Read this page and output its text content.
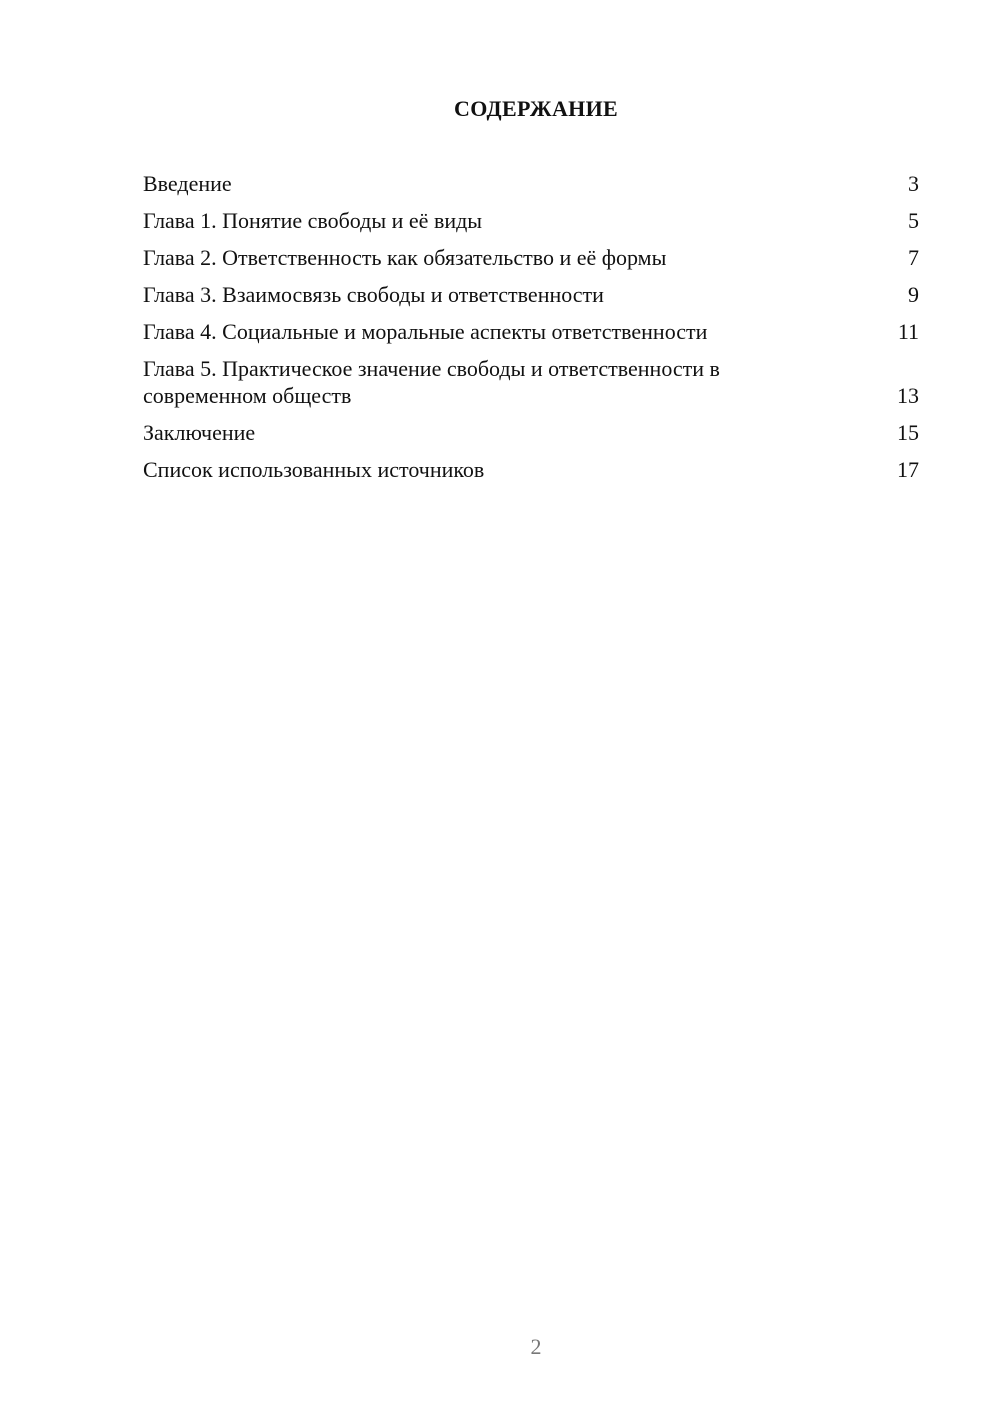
СОДЕРЖАНИЕ
Введение	3
Глава 1. Понятие свободы и её виды	5
Глава 2. Ответственность как обязательство и её формы	7
Глава 3. Взаимосвязь свободы и ответственности	9
Глава 4. Социальные и моральные аспекты ответственности	11
Глава 5. Практическое значение свободы и ответственности в современном обществ	13
Заключение	15
Список использованных источников	17
2
